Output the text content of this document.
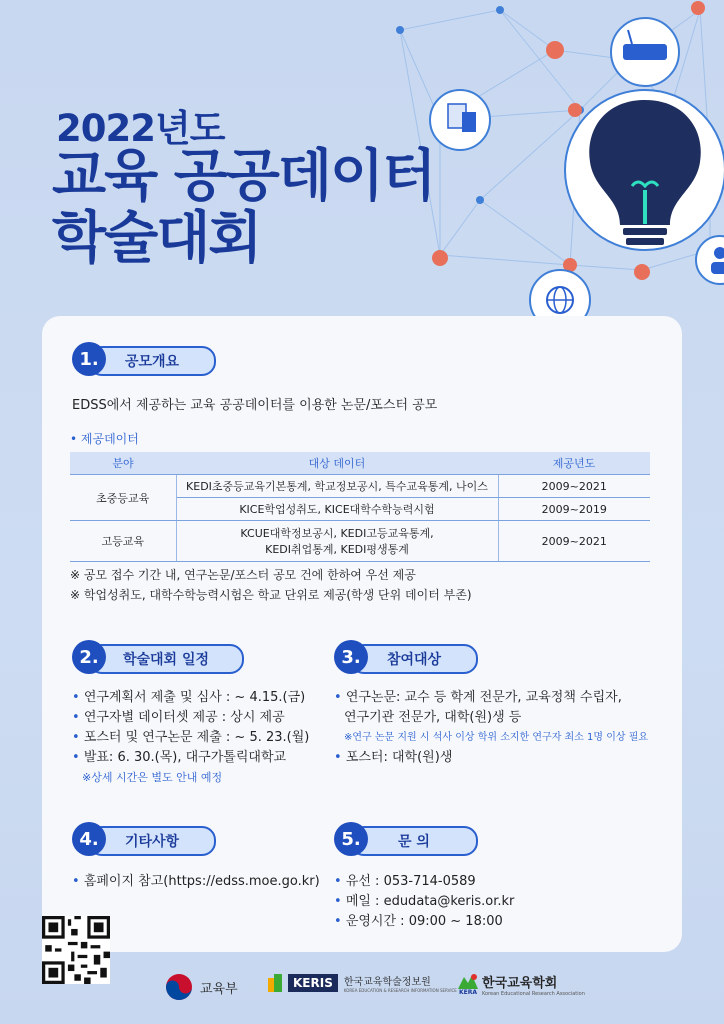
2022년도
교육 공공데이터
학술대회
1.	공모개요

EDSS에서 제공하는 교육 공공데이터를 이용한 논문/포스터 공모

• 제공데이터
분야	대상 데이터	제공년도
초중등교육	KEDI초중등교육기본통계, 학교정보공시, 특수교육통계, 나이스	2009~2021
	KICE학업성취도, KICE대학수학능력시험	2009~2019
고등교육	KCUE대학정보공시, KEDI고등교육통계,
KEDI취업통계, KEDI평생통계	2009~2021

※ 공모 접수 기간 내, 연구논문/포스터 공모 건에 한하여 우선 제공

※ 학업성취도, 대학수학능력시험은 학교 단위로 제공(학생 단위 데이터 부존)

2.	학술대회 일정
• 연구계획서 제출 및 심사 : ~ 4.15.(금)
• 연구자별 데이터셋 제공 : 상시 제공
• 포스터 및 연구논문 제출 : ~ 5. 23.(월)
• 발표: 6. 30.(목), 대구가톨릭대학교
※상세 시간은 별도 안내 예정
3.	참여대상
• 연구논문: 교수 등 학계 전문가, 교육정책 수립자,
연구기관 전문가, 대학(원)생 등
※연구 논문 지원 시 석사 이상 학위 소지한 연구자 최소 1명 이상 필요
• 포스터: 대학(원)생
4.	기타사항
• 홈페이지 참고(https://edss.moe.go.kr)
5.	문 의
• 유선 : 053-714-0589
• 메일 : edudata@keris.or.kr
• 운영시간 : 09:00 ~ 18:00
교육부	KERIS	한국교육학술정보원
KOREA EDUCATION & RESEARCH INFORMATION SERVICE KERA
한국교육학회
Korean Educational Research Association
